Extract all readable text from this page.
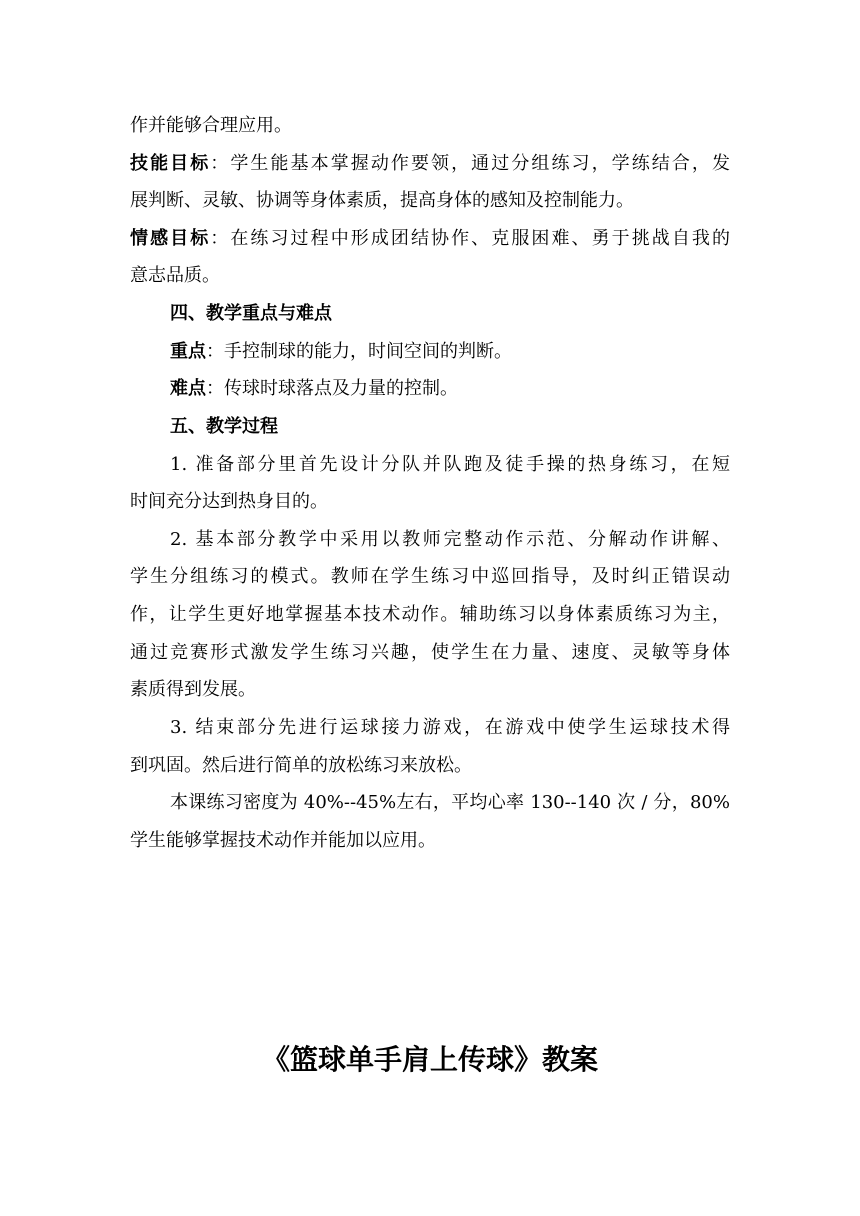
作并能够合理应用。
技能目标：学生能基本掌握动作要领，通过分组练习，学练结合，发
展判断、灵敏、协调等身体素质，提高身体的感知及控制能力。
情感目标：在练习过程中形成团结协作、克服困难、勇于挑战自我的
意志品质。
四、教学重点与难点
重点：手控制球的能力，时间空间的判断。
难点：传球时球落点及力量的控制。
五、教学过程
1. 准备部分里首先设计分队并队跑及徒手操的热身练习，在短
时间充分达到热身目的。
2. 基本部分教学中采用以教师完整动作示范、分解动作讲解、
学生分组练习的模式。教师在学生练习中巡回指导，及时纠正错误动
作，让学生更好地掌握基本技术动作。辅助练习以身体素质练习为主，
通过竞赛形式激发学生练习兴趣，使学生在力量、速度、灵敏等身体
素质得到发展。
3. 结束部分先进行运球接力游戏，在游戏中使学生运球技术得
到巩固。然后进行简单的放松练习来放松。
本课练习密度为 40%--45%左右，平均心率 130--140 次 / 分，80%
学生能够掌握技术动作并能加以应用。
《篮球单手肩上传球》教案
